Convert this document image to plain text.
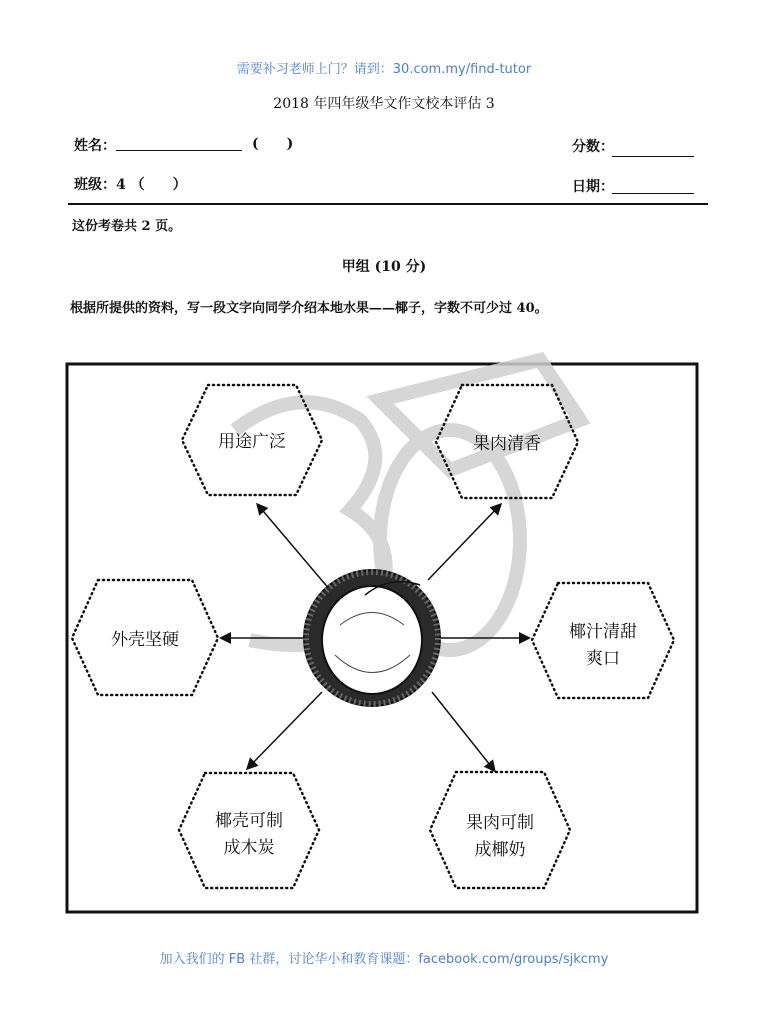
需要补习老师上门？请到：30.com.my/find-tutor
2018 年四年级华文作文校本评估 3
姓名：	(　　)	分数：
班级：4 （　　）	日期：
这份考卷共 2 页。
甲组 (10 分)
根据所提供的资料，写一段文字向同学介绍本地水果——椰子，字数不可少过 40。
用途广泛	果肉清香
外壳坚硬	椰汁清甜
爽口
椰壳可制
成木炭
果肉可制
成椰奶
加入我们的 FB 社群，讨论华小和教育课题：facebook.com/groups/sjkcmy
